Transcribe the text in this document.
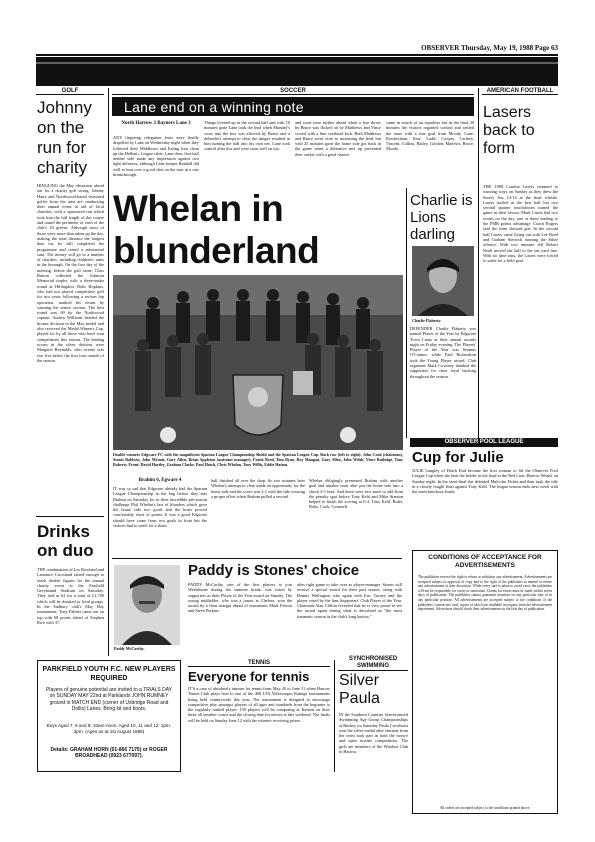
OBSERVER Thursday, May 19, 1988 Page 63
GOLF
Johnny on the run for charity
HINGLING the May obsession ahead out for a charity golf swing. Johnny Haire and Northwood-based seasoned golfer from the area are conducting their annual event in aid of local charities, with a sponsored run which took him the full length of the course and round the perimeter of each of the club's 18 greens. Although most of those were more than taken up the day, making the total distance the longest thus far, he still completed the programme and raised a substantial sum. The money will go to a number of charities, including children's units in the borough. On the first day of the meeting, before the golf came, Chris Barron collected the Johnson Memorial trophy with a three-under round at Hillingdon. Bobs Hopkins, who had not played competitive golf for two years following a serious hip operation, marked his return by winning the senior section. The best round was 69 by the Northwood captain. Audrey Williams headed the bronze division in the May medal and also received the Medal Winners Cup, played for by all those who have won competitions this season. The leading scores in the silver division were Margaret Reynolds, who twenty was two five below the first four rounds of the season.
Drinks on duo
THE combination of Les Rowland and Laurance Crossland raised enough to reach double figures for the annual charity event at the Fairfield Greyhound Stadium on Saturday. They tied as 62 for a total of £1,700 which will be donated to local groups. In the Sudbury club's May Day tournament, Tony Palmer came out on top with 68 points ahead of Stephen Rice with 37.
SOCCER
Lane end on a winning note
North Harrow 3 Bayners Lane 3
ANY lingering relegation fears were finally dispelled by Lane on Wednesday night when they followed their Middlesex and Ealing four clean up the Hellenic League table. Lane drew first half neither side made any impression against two tight defences, although Lane keeper Randall did well to turn over a good shot on the turn in a rare breakthrough.
Things livened up in the second half and with 10 minutes gone Lane took the lead when Monday's cross into the box was allowed by Bravo and a defender's attempt to clear the danger resulted in him turning the ball into his own net. Lane took control after this and were soon well on top.
and soon were further ahead when a free throw by Bruce was flicked on by Matthews and Vince scored with a fine overhead kick. Both Matthews and Bruce went close to increasing the lead, but with 25 minutes gone the home side got back in the game when a defensive mix up presented their striker with a good chance.
came in search of an equaliser but in the final 20 minutes the visitors regained control and settled the issue with a fine goal from Moody. Lane: Rowbotham, Kerr, Ludd, Cooper, Carthey, Vincent, Collins, Bailey, Gordon, Mattews, Bruce, Moody.
Whelan in blunderland
Double winners Edgware FC with the magnificent Spartan League Championship Shield and the Spartan League Cup. Back row (left to right): John Cook (chairman), Stuart Baldwin, John Mynott, Gary Allen, Brian Appleton (assistant manager), Frank Reed, Tom Ryan, Roy Mangan, Gary Allen, John Welsh, Vince Rutledge, Tony Roberts. Front: David Hartley, Graham Clarke, Paul Hatch, Chris Whelan, Tony Willis, Eddie Hatton.
Brahim 6, Egware 4
IT was so sad that Edgware already had the Spartan League Championship in the bag before they met Brahim on Saturday for in their incredible pre-season challenge Phil Whelan's last of blunders which gave the home side two goals and the hosts proved comfortably short of points. It was a good Edgware should have come from two goals in front but the visitors had to settle for a share.
half finished all over the shop. So two minutes later Whelan's attempt to clear made an opportunity for the home side and the score was 2-1 with the side wearing a proper effort when Brahim pulled a second.
Whelan obligingly presented Brahim with another goal and another soon after put the home side into a shock 4-1 lead. And there were two more to add from the penalty spot before Tony Keld and Mike Stanton helped to finish the scoring at 6-4. Tony Keld, Rider, Bobs, Cook, Comstell.
Paddy is Stones' choice
Paddy McCarthy.
PADDY McCarthy, one of the first players to join Wealdstone during the summer break, was voted by supporters as their Player of the Year award on Sunday. The young midfielder, who was a junior at Chelsea, won the award by a clear margin ahead of teammates Mark Fenton and Steve Perkins.
after right game to take over as player-manager. Stones will receive a special award for their past season, along with Dennis Wellington who again with Eric Turney and the player voted by the fans Supporters' Club Player of the Year. Chairman Alan Clifton revealed that he is very proud to see the award again during what is described as "the most traumatic season in the club's long history."
Charlie is Lions darling
Charlie Flaherty.
DEFENDER Charlie Flaherty was named Player of the Year by Edgware Town Lions at their annual awards night on Friday evening. The Players' Player of the Year was Seamus O'Connor, while Paul Richardson took the Young Player award. Club organiser Mark Cowdrey thanked the supporters for their loyal backing throughout the season.
AMERICAN FOOTBALL
Lasers back to form
THE 1988 London Lasers returned to winning ways on Sunday as they drew the Surrey Jets 14-14 at the final whistle. Lasers trailed in the first half but two second quarter touchdowns turned the game in their favour. Mark Curtis had two scores on the day, one of them leading to the FMB points advantage. Coach Rogers said the team showed grit. In the second half Lasers came flying out with Lee Reed and Graham Sterrock running the Sabre offence. With two minutes left Robert Neall moved the ball to the ten yard line. With no time outs, the Lasers were forced to settle for a field goal.
OBSERVER POOL LEAGUE
Cup for Julie
JULIE Langley of Hatch End became the first woman to lift the Observer Pool League Cup when she beat the holder in the final at the Red Lion, Harrow Weald, on Sunday night. In the semi-final she defeated Malcolm Fisher and then took the title in a closely fought final against Tony Keld. The league season ends next week with the team knockout finals.
CONDITIONS OF ACCEPTANCE FOR ADVERTISEMENTS
The publishers reserve the right to refuse or withdraw any advertisement. Advertisements are accepted subject to approval of copy and to the right of the publishers to amend or refuse any advertisement at their discretion. While every care is taken to avoid error, the publishers will not be responsible for errors or omissions. Claims for errors must be made within seven days of publication. The publishers cannot guarantee insertion on any particular date or in any particular position. All advertisements are accepted subject to the conditions of the publishers' current rate card, copies of which are available on request from the advertisement department. Advertisers should check their advertisement on the first day of publication.
All orders are accepted subject to the conditions printed above.
PARKFIELD YOUTH F.C. NEW PLAYERS REQUIRED
Players of genuine potential are invited to a TRIALS DAY on SUNDAY MAY 22nd at Parklands JOHN RUMNEY ground in MATCH END (corner of Uxbridge Road and Dollis) Lanes. Bring kit and boots.
Boys Aged 7, 8 and 9: 10am-noon. Aged 10, 11 and 12: 1pm-3pm. (Ages as at 1st August 1988)
Details: GRAHAM HORN (01-866 7175) or ROGER BROADHEAD (0923 677097).
TENNIS
Everyone for tennis
IT'S a case of absolutely anyone for tennis from May 20 to June 11 when Harrow Tennis Club plays host to one of the 400 LTA Volkswagen Ratings tournaments being held countrywide this year. The tournament is designed to encourage competitive play amongst players of all ages and standards from the beginner to the regularly ranked player. 130 players will be competing at Kenton on their three all weather courts and the closing date for entries is this weekend. The finals will be held on Sunday June 12 with the winners receiving prizes.
SYNCHRONISED SWIMMING
Silver Paula
IN the Southern Counties Synchronised Swimming Age Group Championships at Bushey on Saturday Paula Crowhurst won the silver medal after entrants from her team took part in both the novice and open routine competitions. The girls are members of the Windsor Club in Harrow.
